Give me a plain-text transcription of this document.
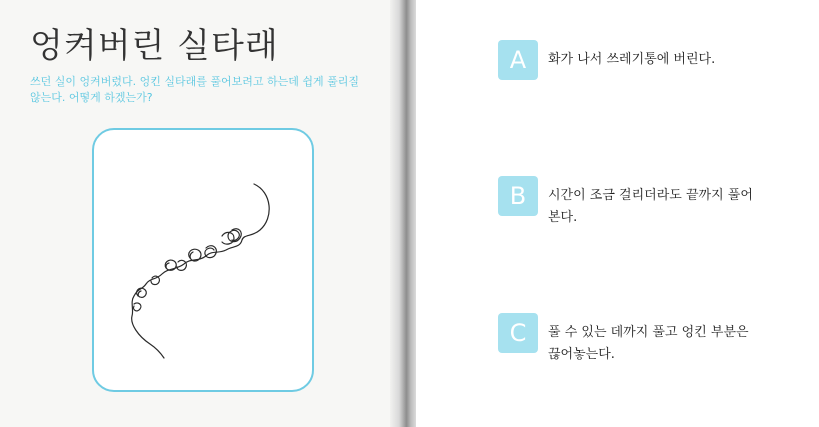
엉켜버린 실타래

쓰던 실이 엉켜버렸다. 엉킨 실타래를 풀어보려고 하는데 쉽게 풀리질 않는다. 어떻게 하겠는가?

A	화가 나서 쓰레기통에 버린다.

B	시간이 조금 걸리더라도 끝까지 풀어 본다.

C	풀 수 있는 데까지 풀고 엉킨 부분은 끊어놓는다.
